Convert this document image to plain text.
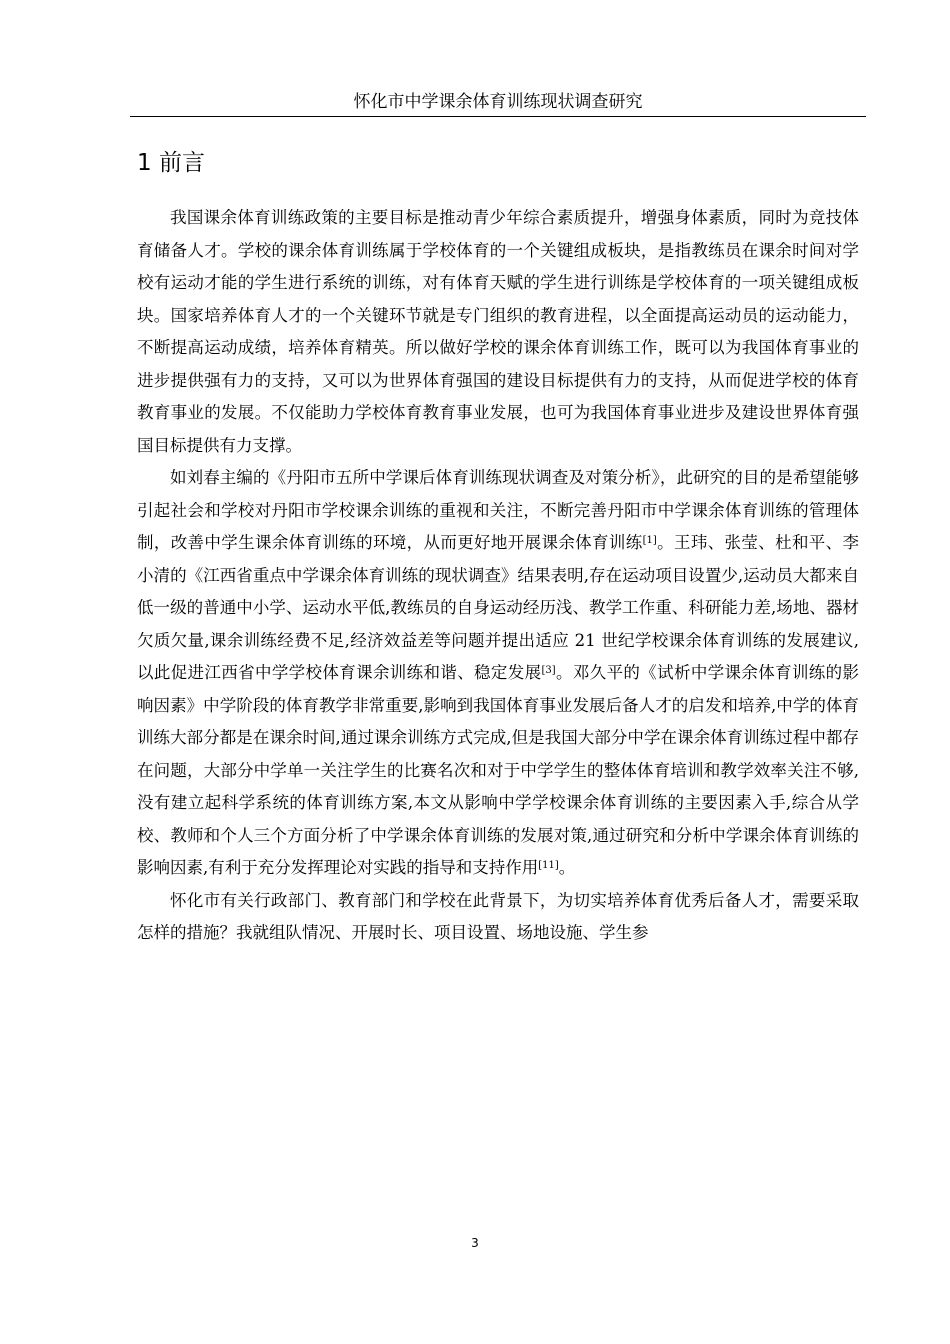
怀化市中学课余体育训练现状调查研究
1 前言

我国课余体育训练政策的主要目标是推动青少年综合素质提升，增强身体素质，同时为竞技体育储备人才。学校的课余体育训练属于学校体育的一个关键组成板块，是指教练员在课余时间对学校有运动才能的学生进行系统的训练，对有体育天赋的学生进行训练是学校体育的一项关键组成板块。国家培养体育人才的一个关键环节就是专门组织的教育进程，以全面提高运动员的运动能力，不断提高运动成绩，培养体育精英。所以做好学校的课余体育训练工作，既可以为我国体育事业的进步提供强有力的支持，又可以为世界体育强国的建设目标提供有力的支持，从而促进学校的体育教育事业的发展。不仅能助力学校体育教育事业发展，也可为我国体育事业进步及建设世界体育强国目标提供有力支撑。

如刘春主编的《丹阳市五所中学课后体育训练现状调查及对策分析》，此研究的目的是希望能够引起社会和学校对丹阳市学校课余训练的重视和关注，不断完善丹阳市中学课余体育训练的管理体制，改善中学生课余体育训练的环境，从而更好地开展课余体育训练[1]。王玮、张莹、杜和平、李小清的《江西省重点中学课余体育训练的现状调查》结果表明,存在运动项目设置少,运动员大都来自低一级的普通中小学、运动水平低,教练员的自身运动经历浅、教学工作重、科研能力差,场地、器材欠质欠量,课余训练经费不足,经济效益差等问题并提出适应 21 世纪学校课余体育训练的发展建议,以此促进江西省中学学校体育课余训练和谐、稳定发展[3]。邓久平的《试析中学课余体育训练的影响因素》中学阶段的体育教学非常重要,影响到我国体育事业发展后备人才的启发和培养,中学的体育训练大部分都是在课余时间,通过课余训练方式完成,但是我国大部分中学在课余体育训练过程中都存在问题，大部分中学单一关注学生的比赛名次和对于中学学生的整体体育培训和教学效率关注不够,没有建立起科学系统的体育训练方案,本文从影响中学学校课余体育训练的主要因素入手,综合从学校、教师和个人三个方面分析了中学课余体育训练的发展对策,通过研究和分析中学课余体育训练的影响因素,有利于充分发挥理论对实践的指导和支持作用[11]。

怀化市有关行政部门、教育部门和学校在此背景下，为切实培养体育优秀后备人才，需要采取怎样的措施？我就组队情况、开展时长、项目设置、场地设施、学生参

3
